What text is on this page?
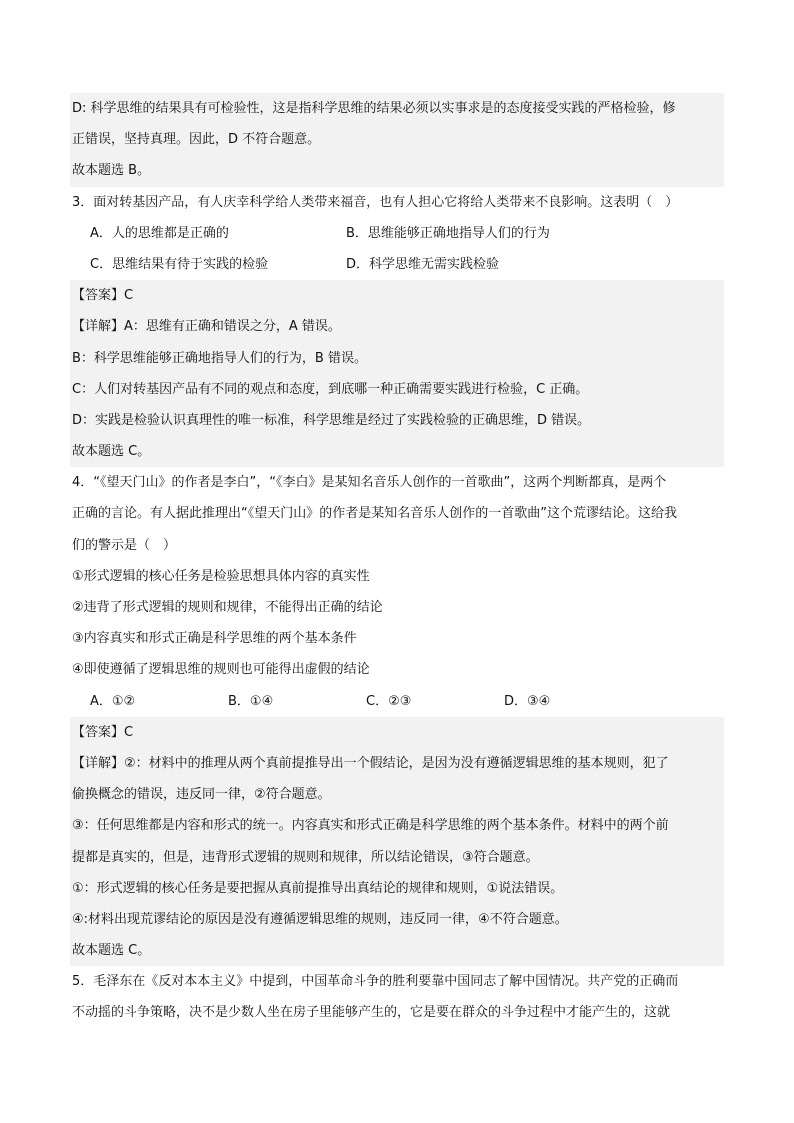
D: 科学思维的结果具有可检验性，这是指科学思维的结果必须以实事求是的态度接受实践的严格检验，修
正错误，坚持真理。因此，D 不符合题意。
故本题选 B。
3．面对转基因产品，有人庆幸科学给人类带来福音，也有人担心它将给人类带来不良影响。这表明（　）
A．人的思维都是正确的	B．思维能够正确地指导人们的行为
C．思维结果有待于实践的检验	D．科学思维无需实践检验
【答案】C
【详解】A：思维有正确和错误之分，A 错误。
B：科学思维能够正确地指导人们的行为，B 错误。
C：人们对转基因产品有不同的观点和态度，到底哪一种正确需要实践进行检验，C 正确。
D：实践是检验认识真理性的唯一标准，科学思维是经过了实践检验的正确思维，D 错误。
故本题选 C。
4．“《望天门山》的作者是李白”，“《李白》是某知名音乐人创作的一首歌曲”，这两个判断都真，是两个
正确的言论。有人据此推理出“《望天门山》的作者是某知名音乐人创作的一首歌曲”这个荒谬结论。这给我
们的警示是（　）
①形式逻辑的核心任务是检验思想具体内容的真实性
②违背了形式逻辑的规则和规律，不能得出正确的结论
③内容真实和形式正确是科学思维的两个基本条件
④即使遵循了逻辑思维的规则也可能得出虚假的结论
A．①②	B．①④	C．②③	D．③④
【答案】C
【详解】②：材料中的推理从两个真前提推导出一个假结论，是因为没有遵循逻辑思维的基本规则，犯了
偷换概念的错误，违反同一律，②符合题意。
③：任何思维都是内容和形式的统一。内容真实和形式正确是科学思维的两个基本条件。材料中的两个前
提都是真实的，但是，违背形式逻辑的规则和规律，所以结论错误，③符合题意。
①：形式逻辑的核心任务是要把握从真前提推导出真结论的规律和规则，①说法错误。
④:材料出现荒谬结论的原因是没有遵循逻辑思维的规则，违反同一律，④不符合题意。
故本题选 C。
5．毛泽东在《反对本本主义》中提到，中国革命斗争的胜利要靠中国同志了解中国情况。共产党的正确而
不动摇的斗争策略，决不是少数人坐在房子里能够产生的，它是要在群众的斗争过程中才能产生的，这就
